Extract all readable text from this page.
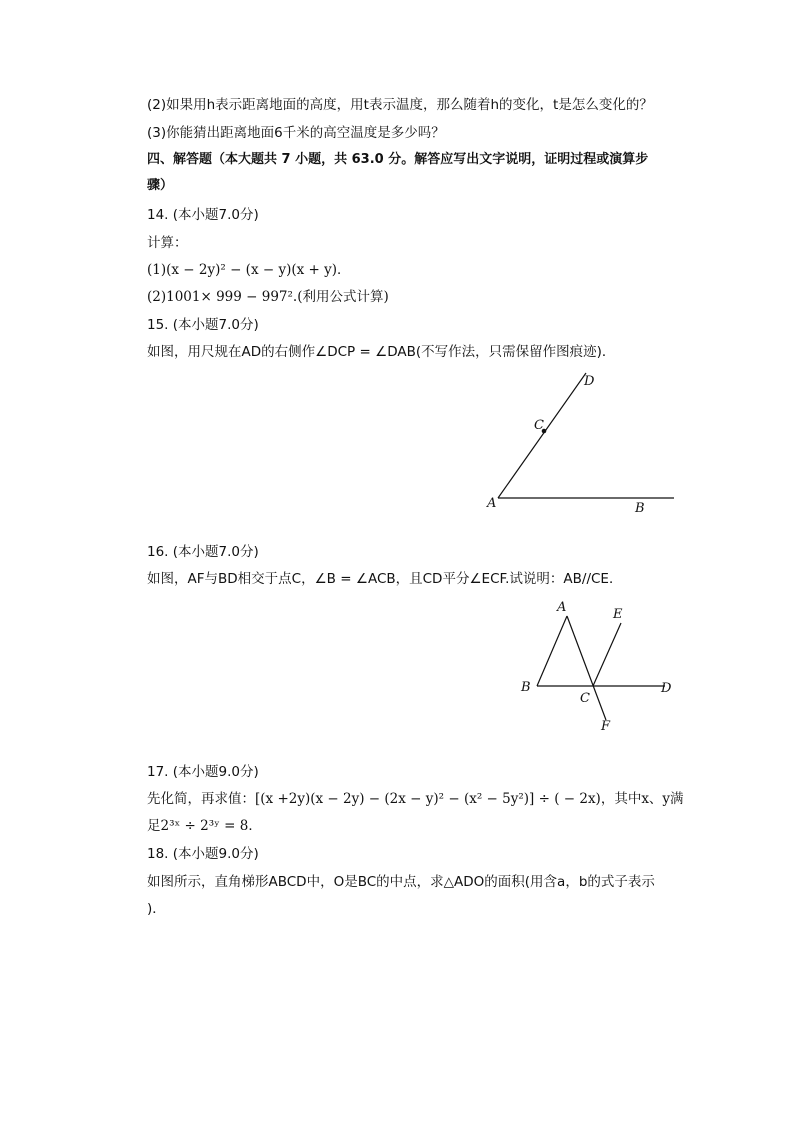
(2)如果用h表示距离地面的高度，用t表示温度，那么随着h的变化，t是怎么变化的？
(3)你能猜出距离地面6千米的高空温度是多少吗？
四、解答题（本大题共 7 小题，共 63.0 分。解答应写出文字说明，证明过程或演算步
骤）
14. (本小题7.0分)
计算：
(1)(x − 2y)² − (x − y)(x + y)．
(2)1001× 999 − 997².(利用公式计算)
15. (本小题7.0分)
如图，用尺规在AD的右侧作∠DCP = ∠DAB(不写作法，只需保留作图痕迹)．
D
C
A	B
16. (本小题7.0分)
如图，AF与BD相交于点C，∠B = ∠ACB，且CD平分∠ECF.试说明：AB//CE．
A	E
B	D
C
F
17. (本小题9.0分)
先化简，再求值：[(x +2y)(x − 2y) − (2x − y)² − (x² − 5y²)] ÷ ( − 2x)，其中x、y满
足2³ˣ ÷ 2³ʸ = 8．
18. (本小题9.0分)
如图所示，直角梯形ABCD中，O是BC的中点，求△ADO的面积(用含a，b的式子表示
)．
